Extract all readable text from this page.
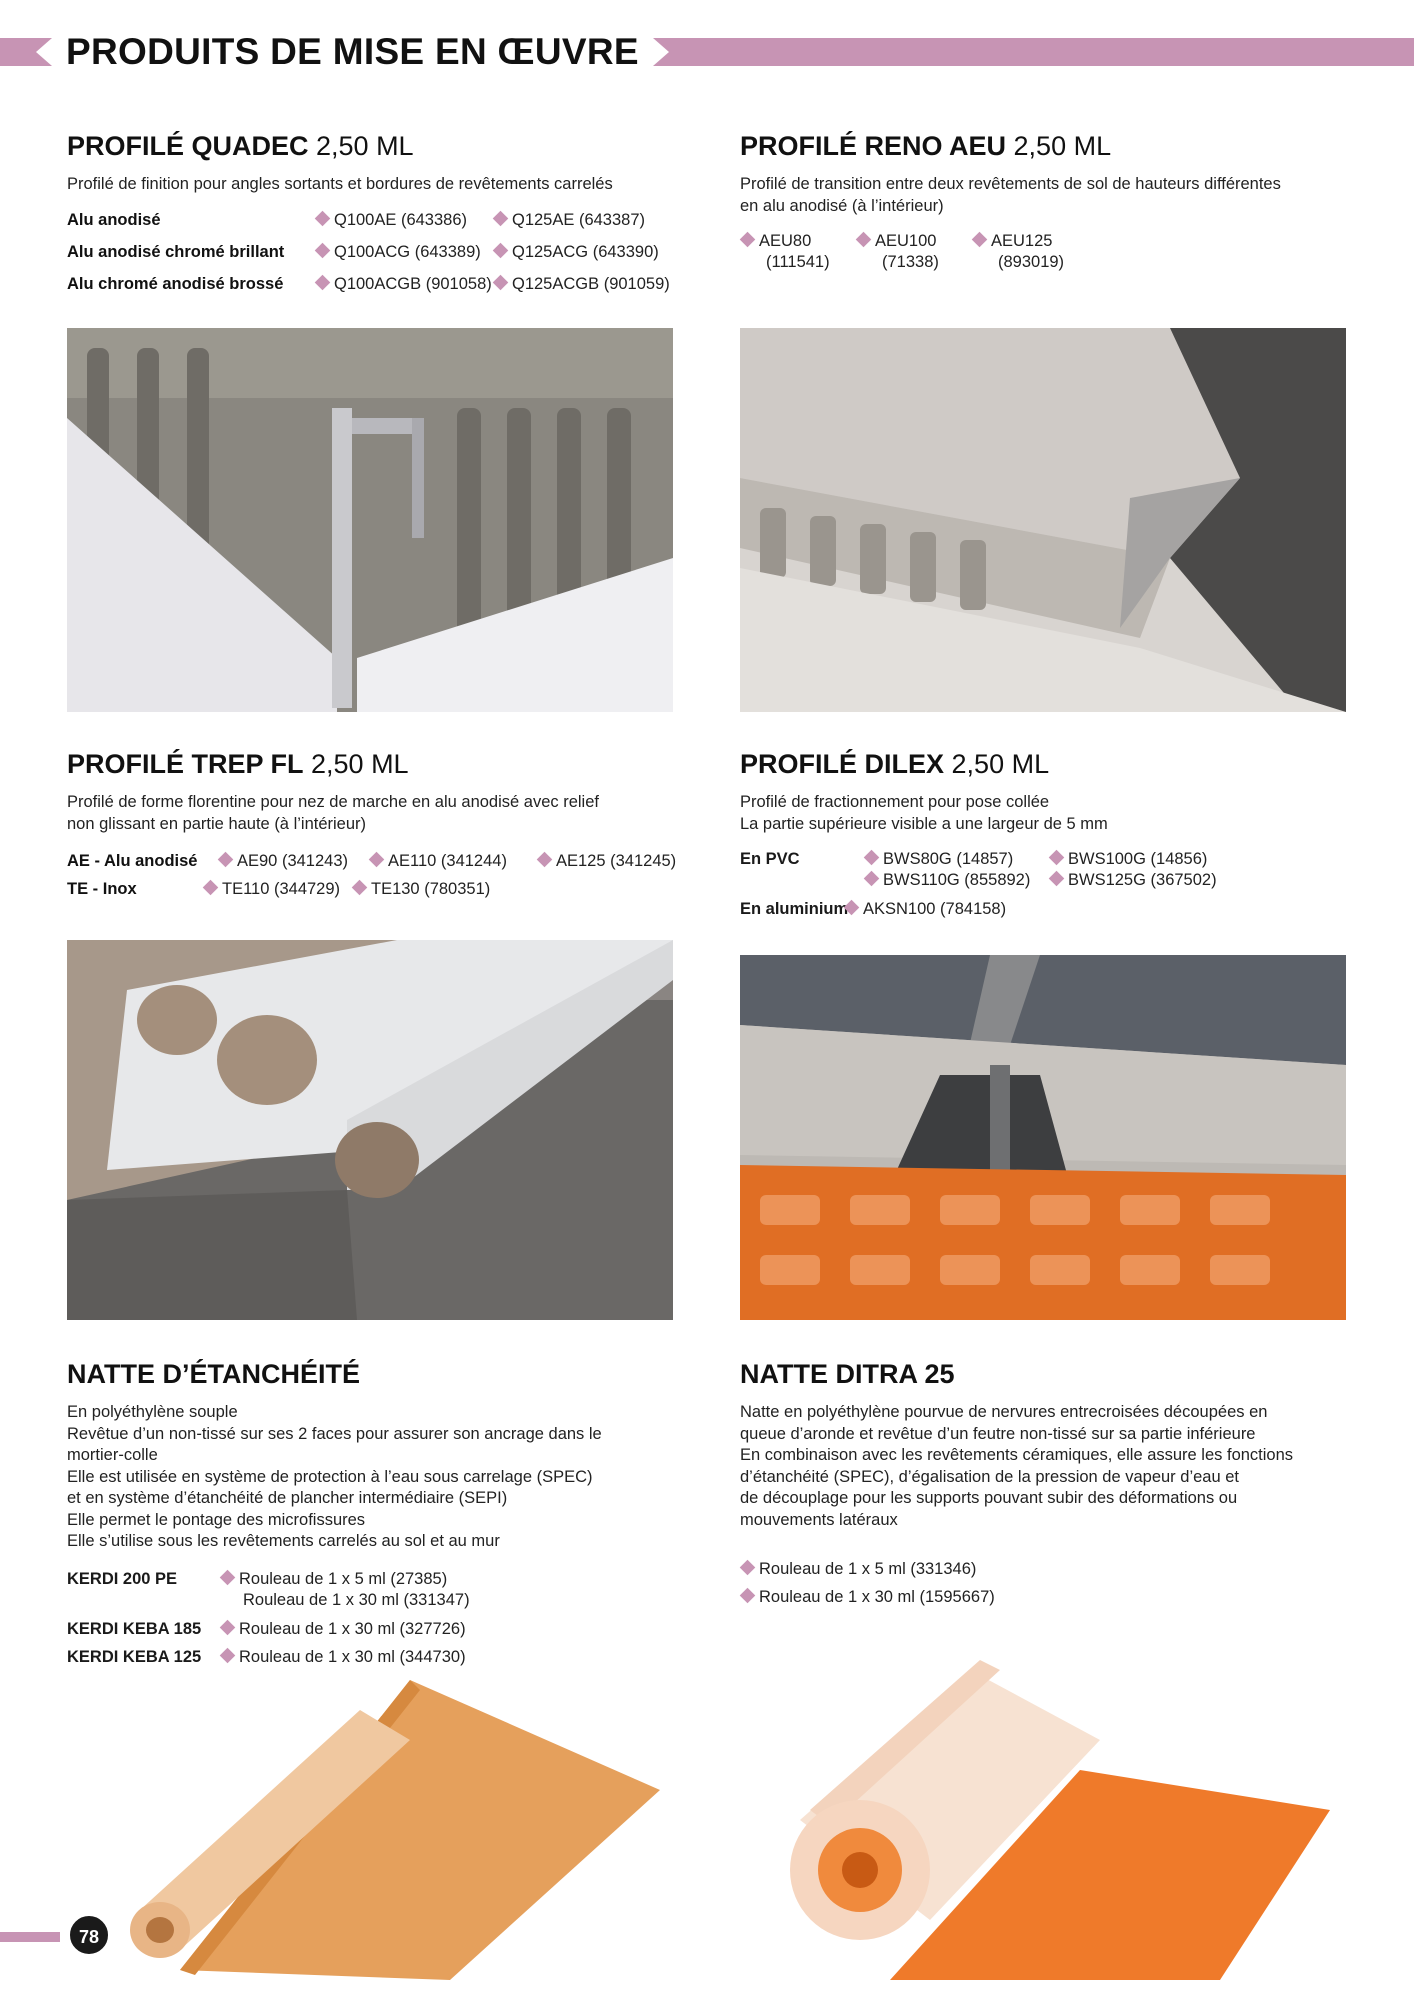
PRODUITS DE MISE EN ŒUVRE
PROFILÉ QUADEC 2,50 ML
Profilé de finition pour angles sortants et bordures de revêtements carrelés
Alu anodisé	Q100AE (643386)	Q125AE (643387)
Alu anodisé chromé brillant	Q100ACG (643389)	Q125ACG (643390)
Alu chromé anodisé brossé	Q100ACGB (901058)	Q125ACGB (901059)
PROFILÉ RENO AEU 2,50 ML
Profilé de transition entre deux revêtements de sol de hauteurs différentes
en alu anodisé (à l’intérieur)
AEU80
(111541)
AEU100
(71338)
AEU125
(893019)
PROFILÉ TREP FL 2,50 ML
Profilé de forme florentine pour nez de marche en alu anodisé avec relief
non glissant en partie haute (à l’intérieur)
AE - Alu anodisé	AE90 (341243)	AE110 (341244)	AE125 (341245)
TE - Inox	TE110 (344729)	TE130 (780351)
PROFILÉ DILEX 2,50 ML
Profilé de fractionnement pour pose collée
La partie supérieure visible a une largeur de 5 mm
En PVC	BWS80G (14857)	BWS100G (14856)
BWS110G (855892)	BWS125G (367502)
En aluminium AKSN100 (784158)
NATTE D’ÉTANCHÉITÉ
En polyéthylène souple
Revêtue d’un non-tissé sur ses 2 faces pour assurer son ancrage dans le
mortier-colle
Elle est utilisée en système de protection à l’eau sous carrelage (SPEC)
et en système d’étanchéité de plancher intermédiaire (SEPI)
Elle permet le pontage des microfissures
Elle s’utilise sous les revêtements carrelés au sol et au mur
KERDI 200 PE	Rouleau de 1 x 5 ml (27385)
Rouleau de 1 x 30 ml (331347)
KERDI KEBA 185	Rouleau de 1 x 30 ml (327726)
KERDI KEBA 125	Rouleau de 1 x 30 ml (344730)
NATTE DITRA 25
Natte en polyéthylène pourvue de nervures entrecroisées découpées en
queue d’aronde et revêtue d’un feutre non-tissé sur sa partie inférieure
En combinaison avec les revêtements céramiques, elle assure les fonctions
d’étanchéité (SPEC), d’égalisation de la pression de vapeur d’eau et
de découplage pour les supports pouvant subir des déformations ou
mouvements latéraux
Rouleau de 1 x 5 ml (331346)
Rouleau de 1 x 30 ml (1595667)
78
